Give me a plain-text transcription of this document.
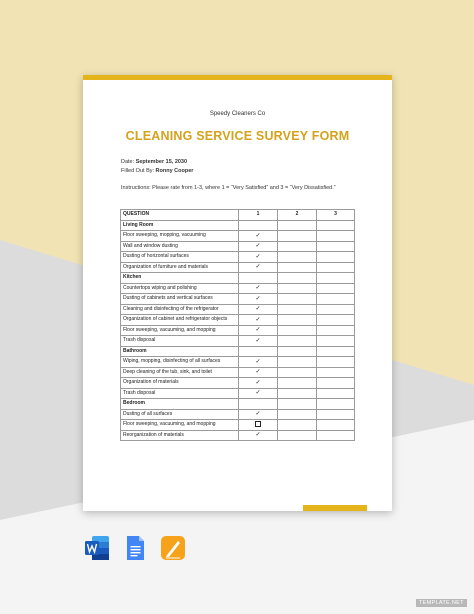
Speedy Cleaners Co
CLEANING SERVICE SURVEY FORM
Date: September 15, 2030
Filled Out By: Ronny Cooper
Instructions: Please rate from 1-3, where 1 = “Very Satisfied” and 3 = “Very Dissatisfied.”
QUESTION	1	2	3
Living Room			
Floor sweeping, mopping, vacuuming	✓		
Wall and window dusting	✓		
Dusting of horizontal surfaces	✓		
Organization of furniture and materials	✓		
Kitchen			
Countertops wiping and polishing	✓		
Dusting of cabinets and vertical surfaces	✓		
Cleaning and disinfecting of the refrigerator	✓		
Organization of cabinet and refrigerator objects	✓		
Floor sweeping, vacuuming, and mopping	✓		
Trash disposal	✓		
Bathroom			
Wiping, mopping, disinfecting of all surfaces	✓		
Deep cleaning of the tub, sink, and toilet	✓		
Organization of materials	✓		
Trash disposal	✓		
Bedroom			
Dusting of all surfaces	✓		
Floor sweeping, vacuuming, and mopping			
Reorganization of materials	✓		
TEMPLATE.NET
